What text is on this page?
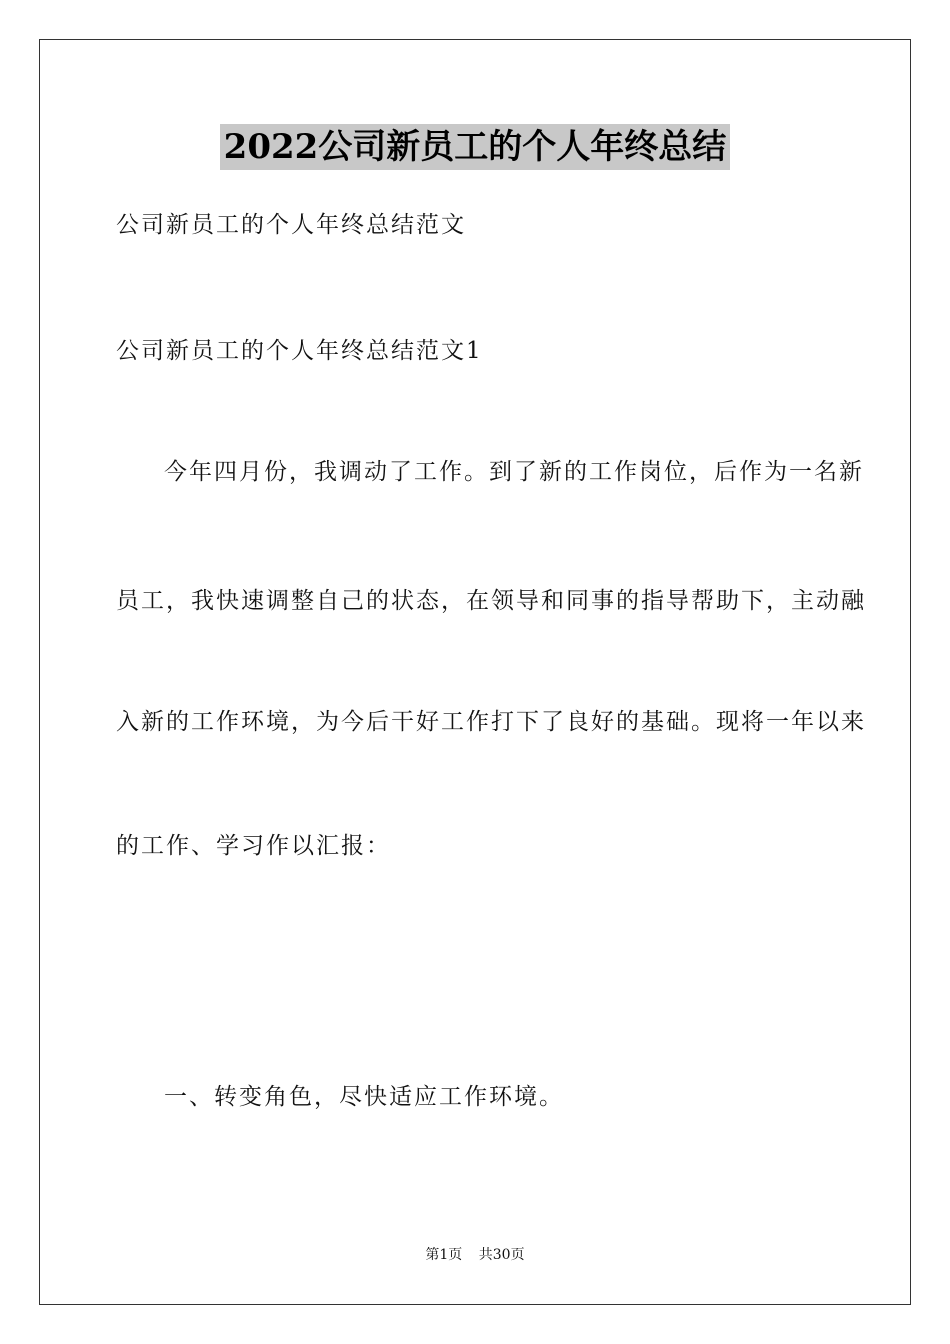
2022公司新员工的个人年终总结
公司新员工的个人年终总结范文
公司新员工的个人年终总结范文1
今年四月份，我调动了工作。到了新的工作岗位，后作为一名新
员工，我快速调整自己的状态，在领导和同事的指导帮助下，主动融
入新的工作环境，为今后干好工作打下了良好的基础。现将一年以来
的工作、学习作以汇报：
一、转变角色，尽快适应工作环境。
第1页 共30页
